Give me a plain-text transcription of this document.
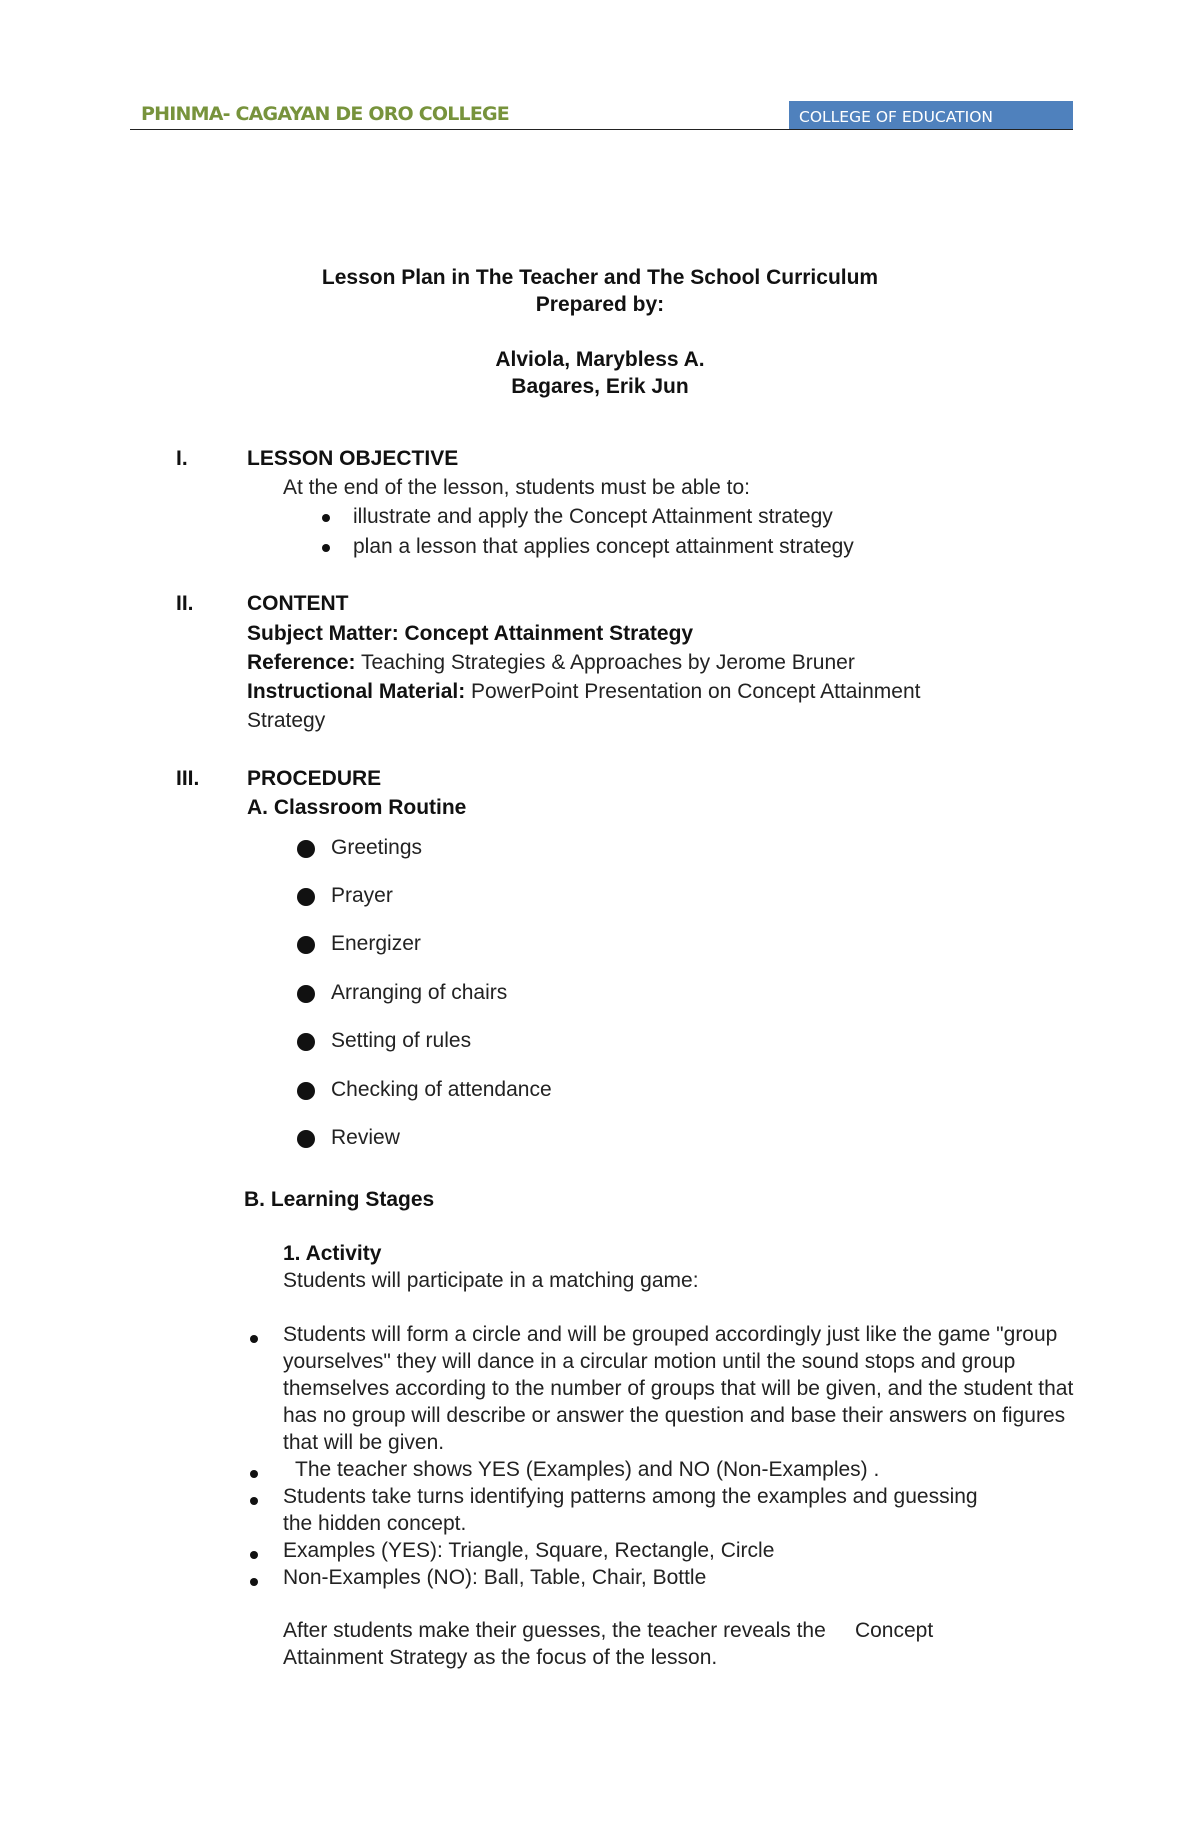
PHINMA- CAGAYAN DE ORO COLLEGE	COLLEGE OF EDUCATION
Lesson Plan in The Teacher and The School Curriculum
Prepared by:
Alviola, Marybless A.
Bagares, Erik Jun
I.	LESSON OBJECTIVE
At the end of the lesson, students must be able to:
illustrate and apply the Concept Attainment strategy
plan a lesson that applies concept attainment strategy
II.	CONTENT
Subject Matter: Concept Attainment Strategy
Reference: Teaching Strategies & Approaches by Jerome Bruner
Instructional Material: PowerPoint Presentation on Concept Attainment
Strategy
III. PROCEDURE
A. Classroom Routine
Greetings
Prayer
Energizer
Arranging of chairs
Setting of rules
Checking of attendance
Review
B. Learning Stages
1. Activity
Students will participate in a matching game:
Students will form a circle and will be grouped accordingly just like the game "group yourselves" they will dance in a circular motion until the sound stops and group themselves according to the number of groups that will be given, and the student that has no group will describe or answer the question and base their answers on figures that will be given.
The teacher shows YES (Examples) and NO (Non-Examples) .
Students take turns identifying patterns among the examples and guessing the hidden concept.
Examples (YES): Triangle, Square, Rectangle, Circle
Non-Examples (NO): Ball, Table, Chair, Bottle
After students make their guesses, the teacher reveals the     Concept
Attainment Strategy as the focus of the lesson.
